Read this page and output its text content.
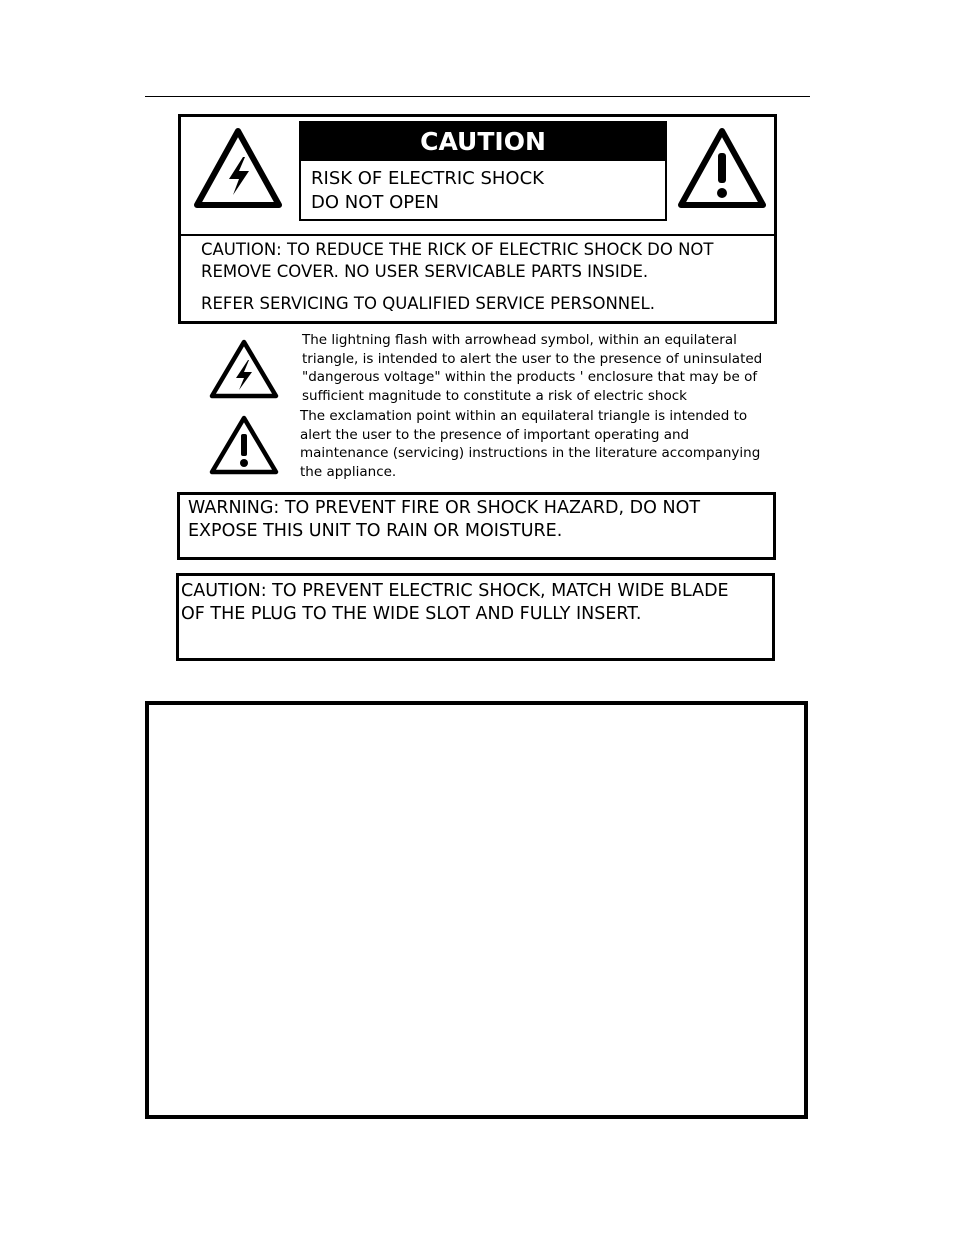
CAUTION
RISK OF ELECTRIC SHOCK
DO NOT OPEN
CAUTION: TO REDUCE THE RICK OF ELECTRIC SHOCK DO NOT
REMOVE COVER. NO USER SERVICABLE PARTS INSIDE.
REFER SERVICING TO QUALIFIED SERVICE PERSONNEL.
The lightning flash with arrowhead symbol, within an equilateral
triangle, is intended to alert the user to the presence of uninsulated
"dangerous voltage" within the products ' enclosure that may be of
sufficient magnitude to constitute a risk of electric shock
The exclamation point within an equilateral triangle is intended to
alert the user to the presence of important operating and
maintenance (servicing) instructions in the literature accompanying
the appliance.
WARNING: TO PREVENT FIRE OR SHOCK HAZARD, DO NOT
EXPOSE THIS UNIT TO RAIN OR MOISTURE.
CAUTION: TO PREVENT ELECTRIC SHOCK, MATCH WIDE BLADE
OF THE PLUG TO THE WIDE SLOT AND FULLY INSERT.
